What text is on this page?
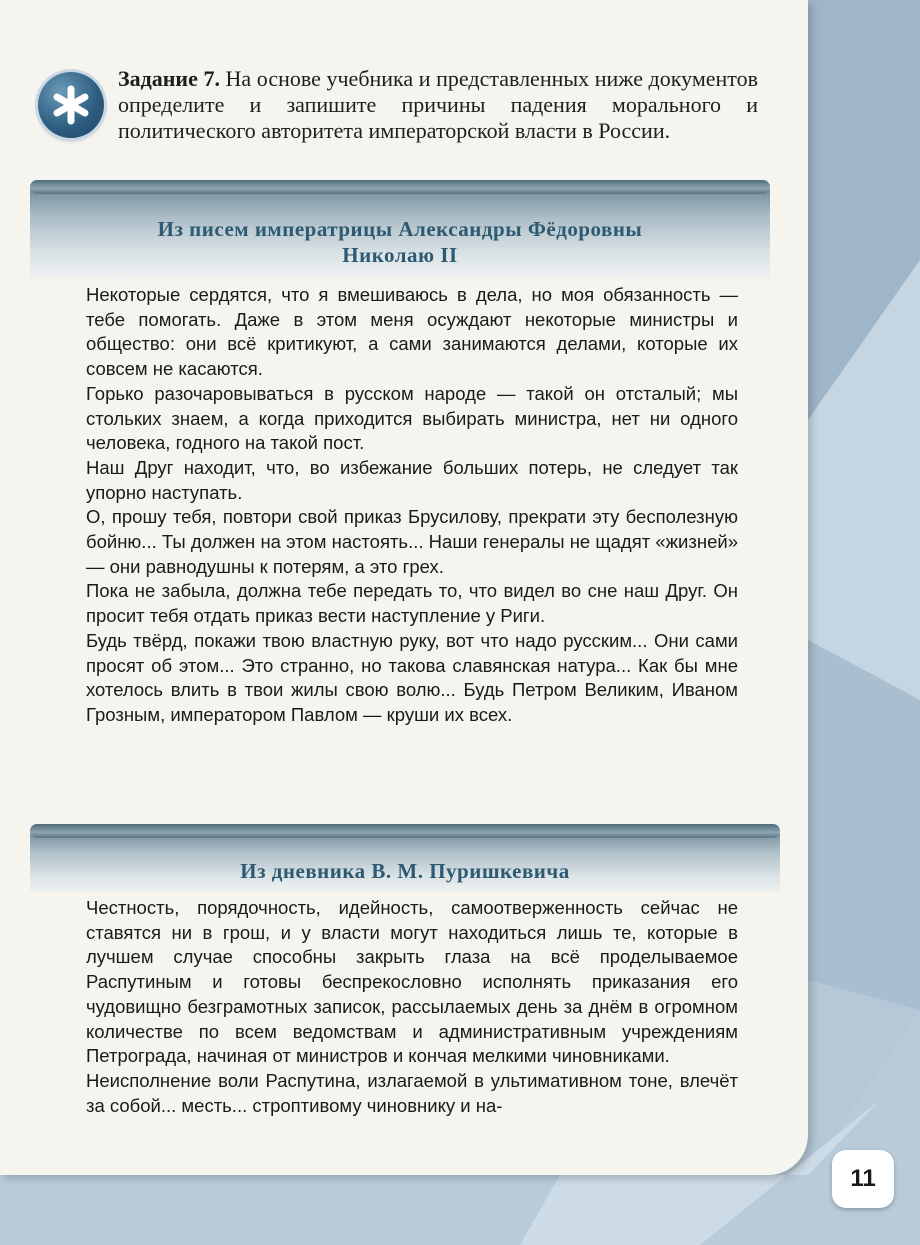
Задание 7. На основе учебника и представленных ниже документов определите и запишите причины падения морального и политического авторитета императорской власти в России.
Из писем императрицы Александры Фёдоровны
Николаю II

Некоторые сердятся, что я вмешиваюсь в дела, но моя обязанность — тебе помогать. Даже в этом меня осуждают некоторые министры и общество: они всё критикуют, а сами занимаются делами, которые их совсем не касаются.

Горько разочаровываться в русском народе — такой он отсталый; мы стольких знаем, а когда приходится выбирать министра, нет ни одного человека, годного на такой пост.

Наш Друг находит, что, во избежание больших потерь, не следует так упорно наступать.

О, прошу тебя, повтори свой приказ Брусилову, прекрати эту бесполезную бойню... Ты должен на этом настоять... Наши генералы не щадят «жизней» — они равнодушны к потерям, а это грех.

Пока не забыла, должна тебе передать то, что видел во сне наш Друг. Он просит тебя отдать приказ вести наступление у Риги.

Будь твёрд, покажи твою властную руку, вот что надо русским... Они сами просят об этом... Это странно, но такова славянская натура... Как бы мне хотелось влить в твои жилы свою волю... Будь Петром Великим, Иваном Грозным, императором Павлом — круши их всех.

Из дневника В. М. Пуришкевича

Честность, порядочность, идейность, самоотверженность сейчас не ставятся ни в грош, и у власти могут находиться лишь те, которые в лучшем случае способны закрыть глаза на всё проделываемое Распутиным и готовы беспрекословно исполнять приказания его чудовищно безграмотных записок, рассылаемых день за днём в огромном количестве по всем ведомствам и административным учреждениям Петрограда, начиная от министров и кончая мелкими чиновниками.

Неисполнение воли Распутина, излагаемой в ультимативном тоне, влечёт за собой... месть... строптивому чиновнику и на-

11
